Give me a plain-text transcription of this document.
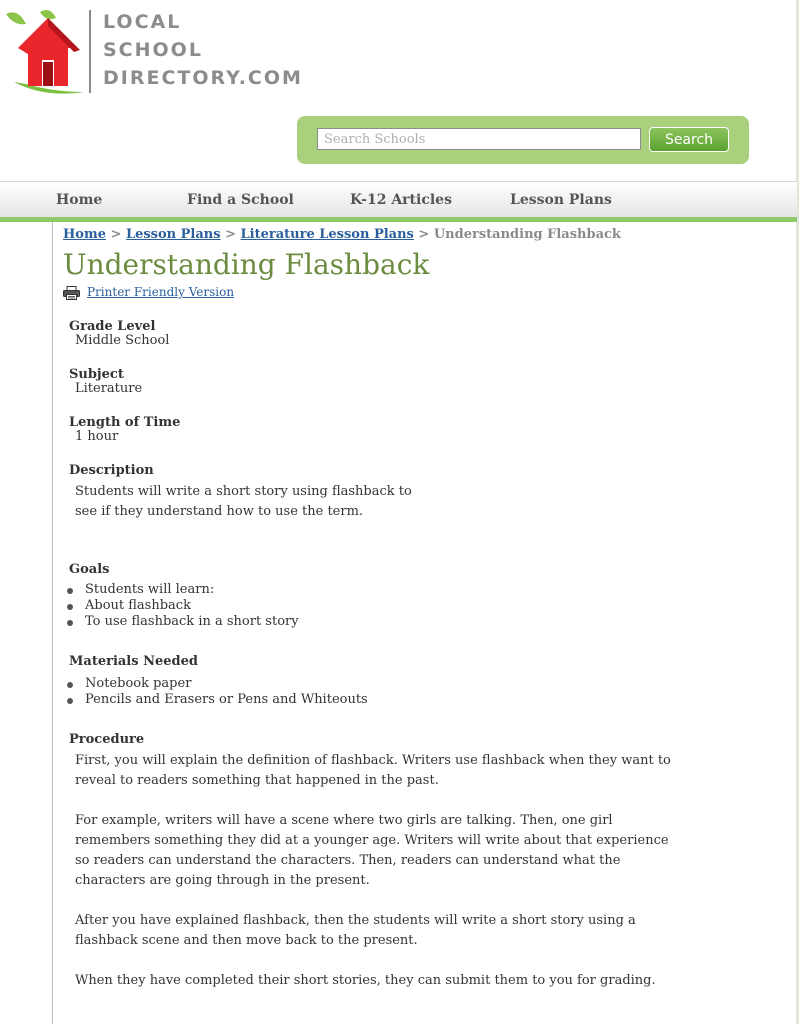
LOCAL
SCHOOL
DIRECTORY.COM
Search Schools	Search
Home	Find a School	K-12 Articles	Lesson Plans
Home > Lesson Plans > Literature Lesson Plans > Understanding Flashback
Understanding Flashback
Printer Friendly Version
Grade Level
Middle School
Subject
Literature
Length of Time
1 hour
Description

Students will write a short story using flashback to see if they understand how to use the term.

Goals
Students will learn:
About flashback
To use flashback in a short story
Materials Needed
Notebook paper
Pencils and Erasers or Pens and Whiteouts
Procedure

First, you will explain the definition of flashback. Writers use flashback when they want to reveal to readers something that happened in the past.

For example, writers will have a scene where two girls are talking. Then, one girl remembers something they did at a younger age. Writers will write about that experience so readers can understand the characters. Then, readers can understand what the characters are going through in the present.

After you have explained flashback, then the students will write a short story using a flashback scene and then move back to the present.

When they have completed their short stories, they can submit them to you for grading.
